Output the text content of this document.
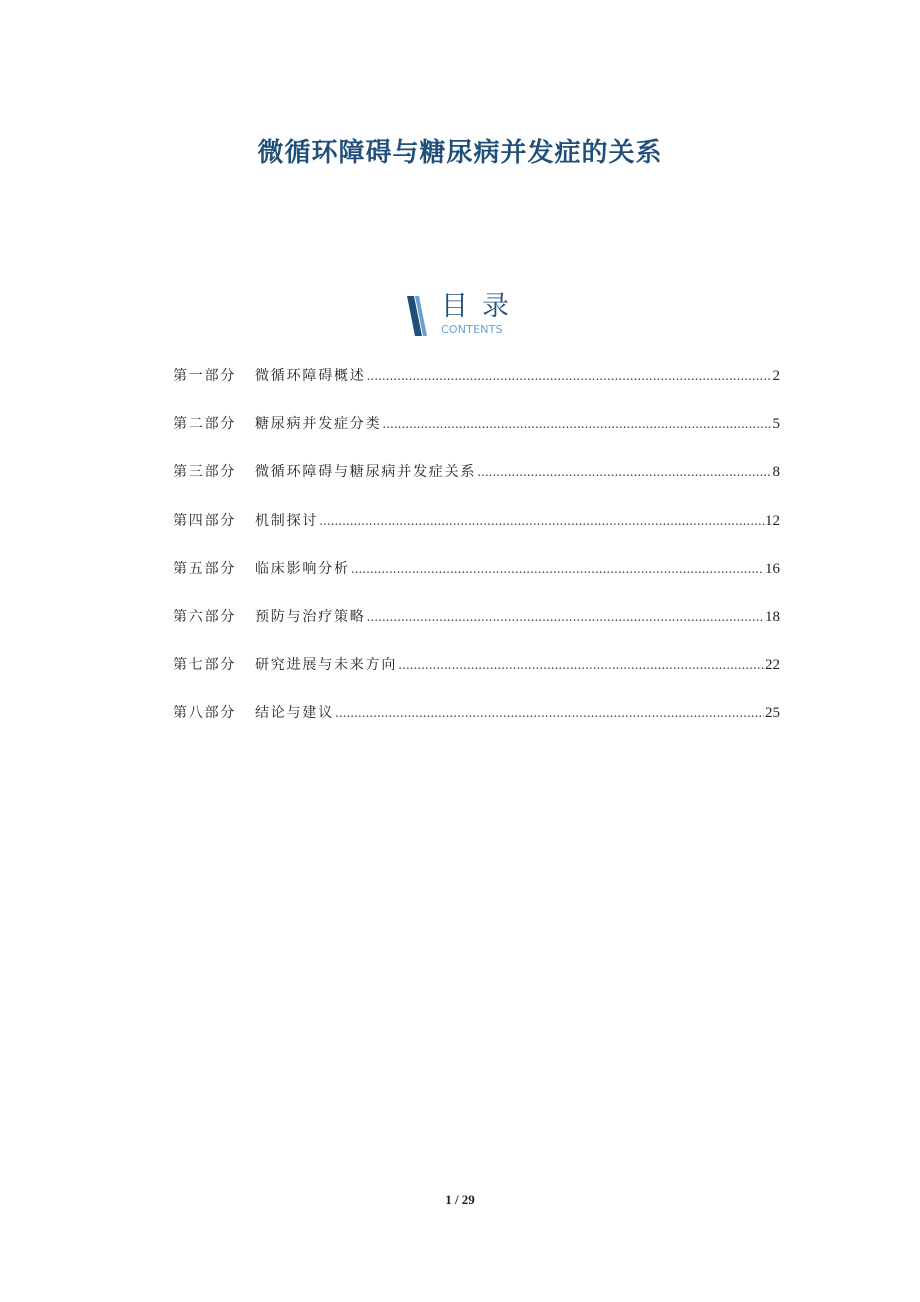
微循环障碍与糖尿病并发症的关系
目录
CONTENTS
第一部分	微循环障碍概述 .....	2
第二部分	糖尿病并发症分类 .....	5
第三部分	微循环障碍与糖尿病并发症关系 .....	8
第四部分	机制探讨 .....	12
第五部分	临床影响分析 .....	16
第六部分	预防与治疗策略 .....	18
第七部分	研究进展与未来方向 .....	22
第八部分	结论与建议 .....	25
1 / 29
